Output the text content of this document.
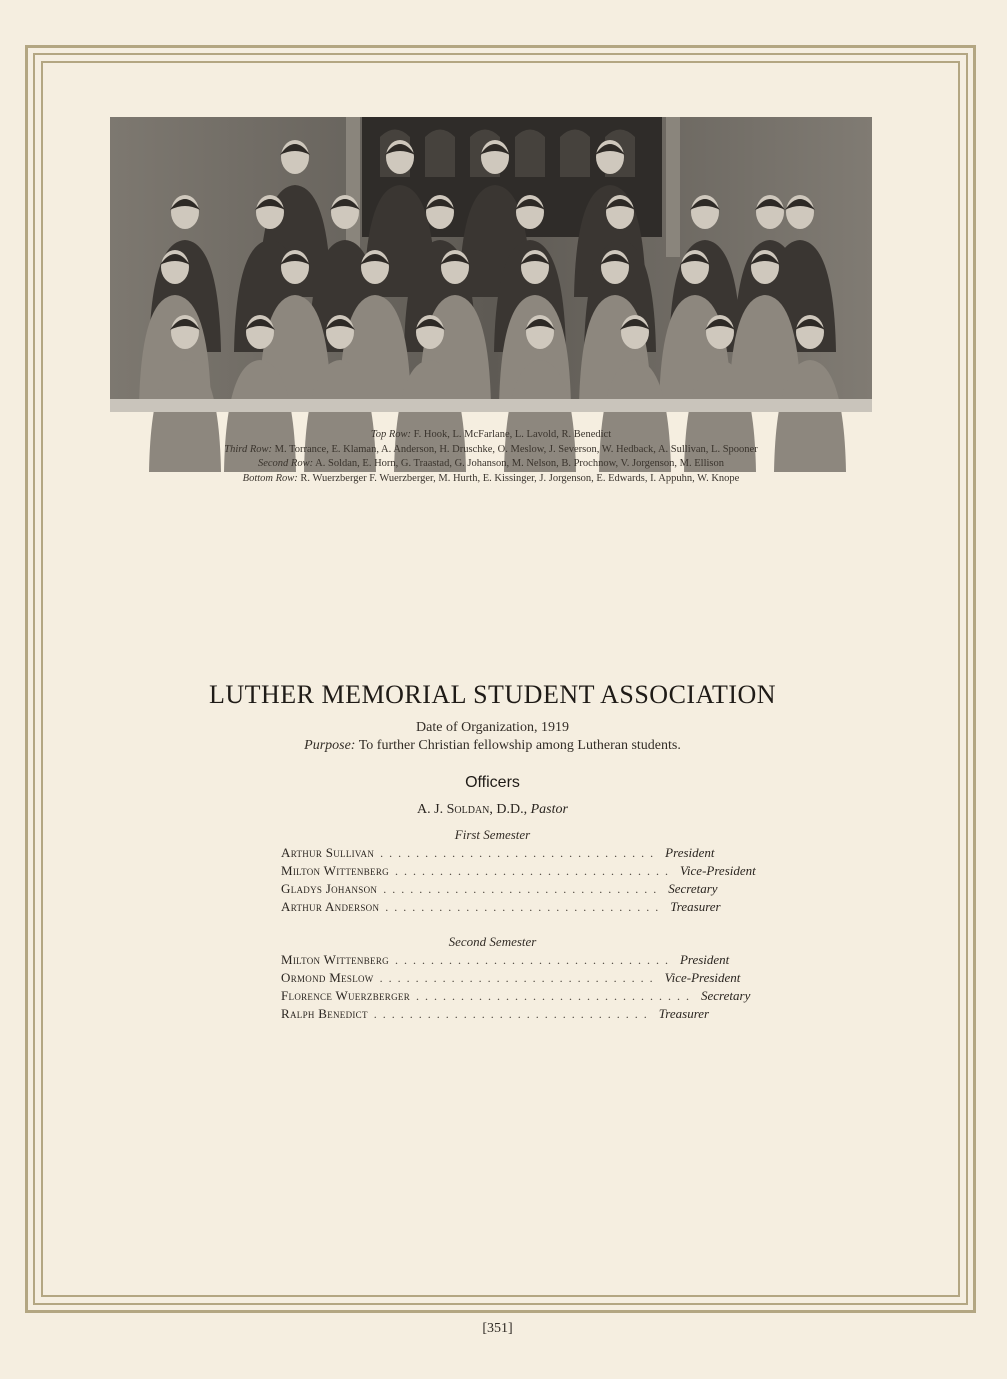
Top Row: F. Hook, L. McFarlane, L. Lavold, R. Benedict
Third Row: M. Torrance, E. Klaman, A. Anderson, H. Druschke, O. Meslow, J. Severson, W. Hedback, A. Sullivan, L. Spooner
Second Row: A. Soldan, E. Horn, G. Traastad, G. Johanson, M. Nelson, B. Prochnow, V. Jorgenson, M. Ellison
Bottom Row: R. Wuerzberger F. Wuerzberger, M. Hurth, E. Kissinger, J. Jorgenson, E. Edwards, I. Appuhn, W. Knope
LUTHER MEMORIAL STUDENT ASSOCIATION
Date of Organization, 1919
Purpose: To further Christian fellowship among Lutheran students.
Officers
A. J. Soldan, D.D., Pastor
First Semester
Arthur Sullivan ............................... President
Milton Wittenberg ............................... Vice-President
Gladys Johanson ............................... Secretary
Arthur Anderson ............................... Treasurer
Second Semester
Milton Wittenberg ............................... President
Ormond Meslow ............................... Vice-President
Florence Wuerzberger ............................... Secretary
Ralph Benedict ............................... Treasurer
[351]
